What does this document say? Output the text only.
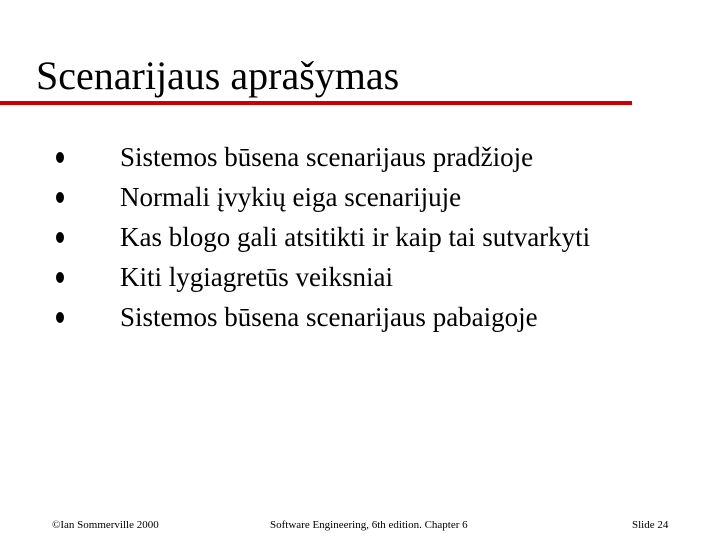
Scenarijaus aprašymas
Sistemos būsena scenarijaus pradžioje
Normali įvykių eiga scenarijuje
Kas blogo gali atsitikti ir kaip tai sutvarkyti
Kiti lygiagretūs veiksniai
Sistemos būsena scenarijaus pabaigoje
©Ian Sommerville 2000	Software Engineering, 6th edition. Chapter 6	Slide 24
